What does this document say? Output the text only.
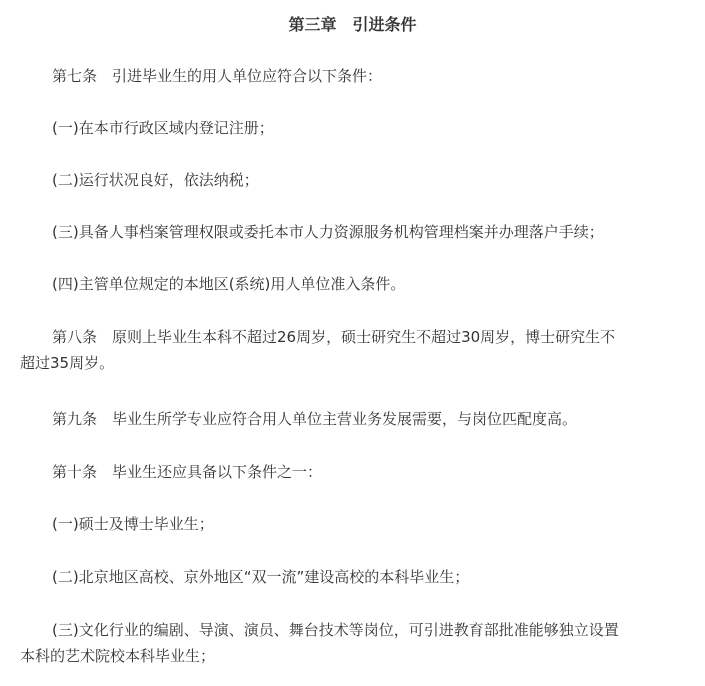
第三章　引进条件

第七条　引进毕业生的用人单位应符合以下条件：

(一)在本市行政区域内登记注册；

(二)运行状况良好，依法纳税；

(三)具备人事档案管理权限或委托本市人力资源服务机构管理档案并办理落户手续；

(四)主管单位规定的本地区(系统)用人单位准入条件。

第八条　原则上毕业生本科不超过26周岁，硕士研究生不超过30周岁，博士研究生不
超过35周岁。

第九条　毕业生所学专业应符合用人单位主营业务发展需要，与岗位匹配度高。

第十条　毕业生还应具备以下条件之一：

(一)硕士及博士毕业生；

(二)北京地区高校、京外地区“双一流”建设高校的本科毕业生；

(三)文化行业的编剧、导演、演员、舞台技术等岗位，可引进教育部批准能够独立设置
本科的艺术院校本科毕业生；
